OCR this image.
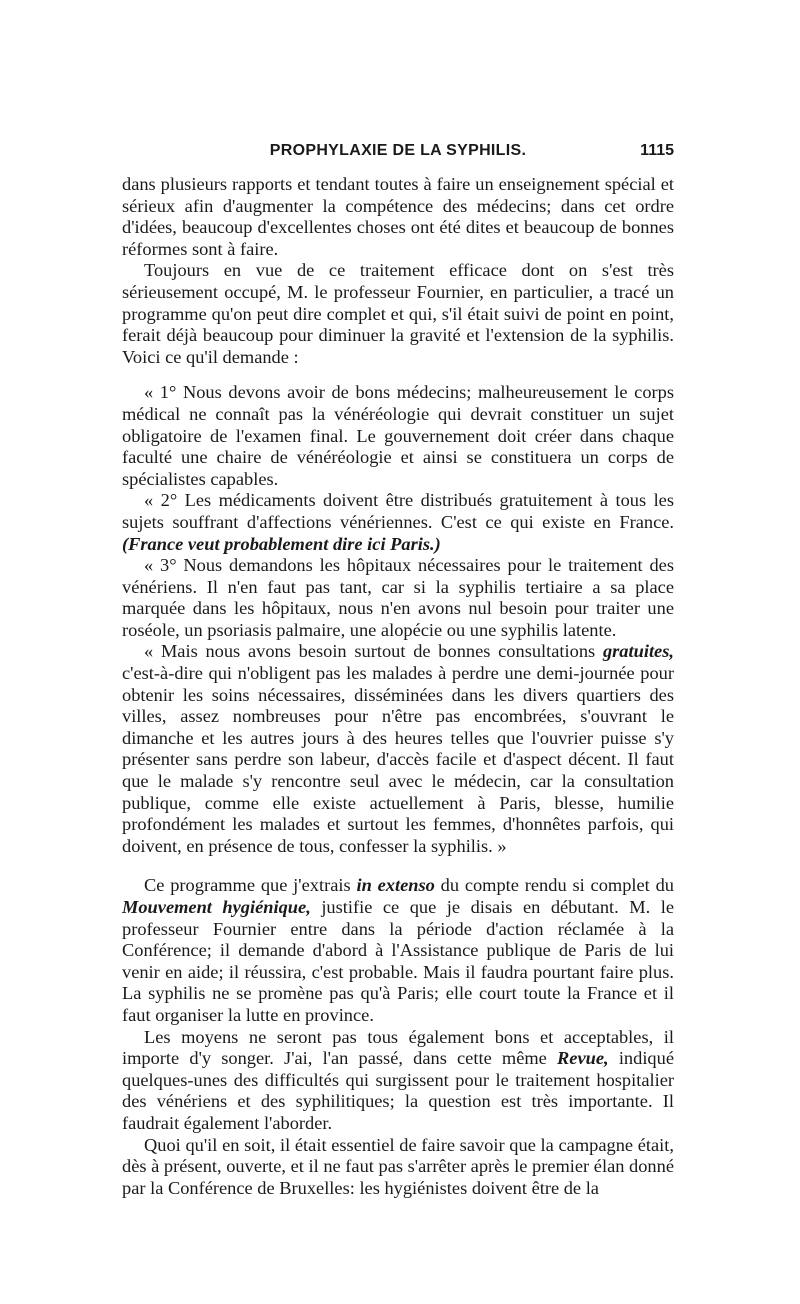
PROPHYLAXIE DE LA SYPHILIS.	1115

dans plusieurs rapports et tendant toutes à faire un enseignement spécial et sérieux afin d'augmenter la compétence des médecins; dans cet ordre d'idées, beaucoup d'excellentes choses ont été dites et beaucoup de bonnes réformes sont à faire.

Toujours en vue de ce traitement efficace dont on s'est très sérieusement occupé, M. le professeur Fournier, en particulier, a tracé un programme qu'on peut dire complet et qui, s'il était suivi de point en point, ferait déjà beaucoup pour diminuer la gravité et l'extension de la syphilis. Voici ce qu'il demande :

« 1° Nous devons avoir de bons médecins; malheureusement le corps médical ne connaît pas la vénéréologie qui devrait constituer un sujet obligatoire de l'examen final. Le gouvernement doit créer dans chaque faculté une chaire de vénéréologie et ainsi se constituera un corps de spécialistes capables.

« 2° Les médicaments doivent être distribués gratuitement à tous les sujets souffrant d'affections vénériennes. C'est ce qui existe en France. (France veut probablement dire ici Paris.)

« 3° Nous demandons les hôpitaux nécessaires pour le traitement des vénériens. Il n'en faut pas tant, car si la syphilis tertiaire a sa place marquée dans les hôpitaux, nous n'en avons nul besoin pour traiter une roséole, un psoriasis palmaire, une alopécie ou une syphilis latente.

« Mais nous avons besoin surtout de bonnes consultations gratuites, c'est-à-dire qui n'obligent pas les malades à perdre une demi-journée pour obtenir les soins nécessaires, disséminées dans les divers quartiers des villes, assez nombreuses pour n'être pas encombrées, s'ouvrant le dimanche et les autres jours à des heures telles que l'ouvrier puisse s'y présenter sans perdre son labeur, d'accès facile et d'aspect décent. Il faut que le malade s'y rencontre seul avec le médecin, car la consultation publique, comme elle existe actuellement à Paris, blesse, humilie profondément les malades et surtout les femmes, d'honnêtes parfois, qui doivent, en présence de tous, confesser la syphilis. »

Ce programme que j'extrais in extenso du compte rendu si complet du Mouvement hygiénique, justifie ce que je disais en débutant. M. le professeur Fournier entre dans la période d'action réclamée à la Conférence; il demande d'abord à l'Assistance publique de Paris de lui venir en aide; il réussira, c'est probable. Mais il faudra pourtant faire plus. La syphilis ne se promène pas qu'à Paris; elle court toute la France et il faut organiser la lutte en province.

Les moyens ne seront pas tous également bons et acceptables, il importe d'y songer. J'ai, l'an passé, dans cette même Revue, indiqué quelques-unes des difficultés qui surgissent pour le traitement hospitalier des vénériens et des syphilitiques; la question est très importante. Il faudrait également l'aborder.

Quoi qu'il en soit, il était essentiel de faire savoir que la campagne était, dès à présent, ouverte, et il ne faut pas s'arrêter après le premier élan donné par la Conférence de Bruxelles: les hygiénistes doivent être de la
